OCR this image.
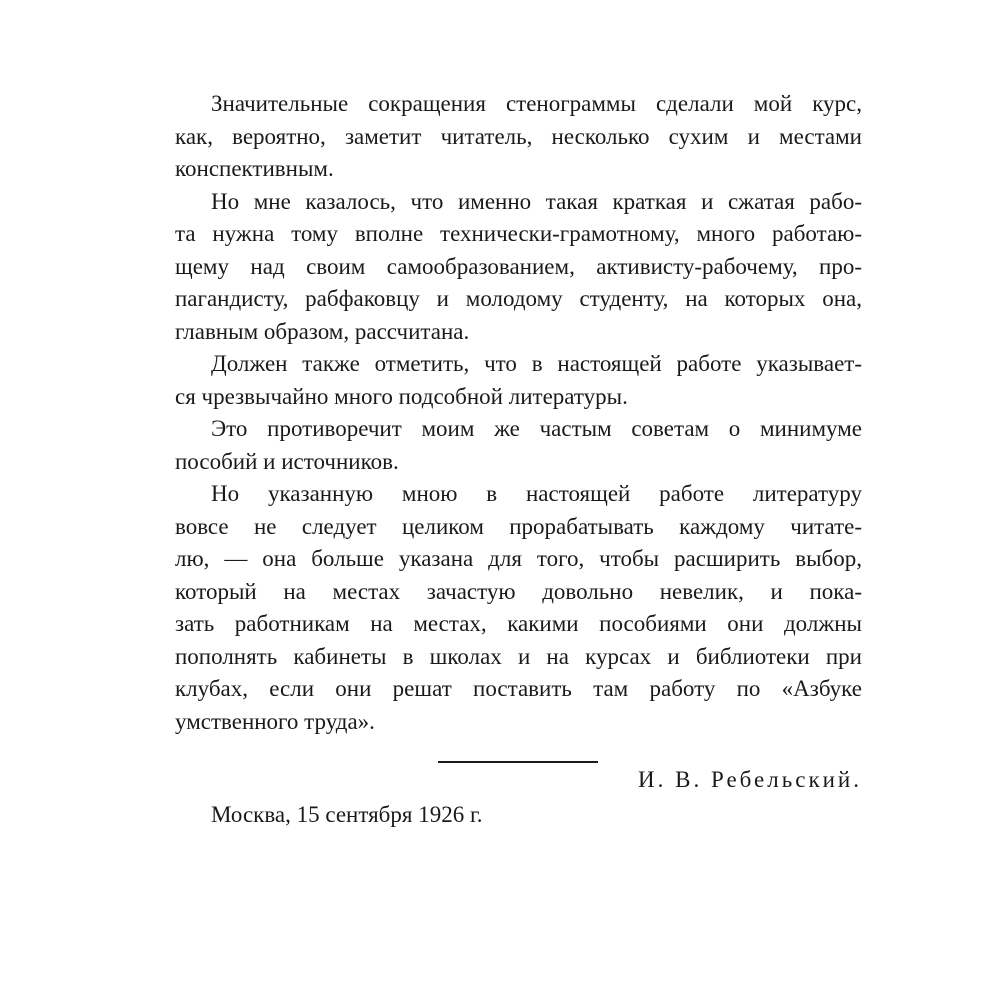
Значительные сокращения стенограммы сделали мой курс,
как, вероятно, заметит читатель, несколько сухим и местами
конспективным.
Но мне казалось, что именно такая краткая и сжатая рабо-
та нужна тому вполне технически-грамотному, много работаю-
щему над своим самообразованием, активисту-рабочему, про-
пагандисту, рабфаковцу и молодому студенту, на которых она,
главным образом, рассчитана.
Должен также отметить, что в настоящей работе указывает-
ся чрезвычайно много подсобной литературы.
Это противоречит моим же частым советам о минимуме
пособий и источников.
Но указанную мною в настоящей работе литературу
вовсе не следует целиком прорабатывать каждому читате-
лю, — она больше указана для того, чтобы расширить выбор,
который на местах зачастую довольно невелик, и пока-
зать работникам на местах, какими пособиями они должны
пополнять кабинеты в школах и на курсах и библиотеки при
клубах, если они решат поставить там работу по «Азбуке
умственного труда».
И. В. Ребельский.
Москва, 15 сентября 1926 г.
